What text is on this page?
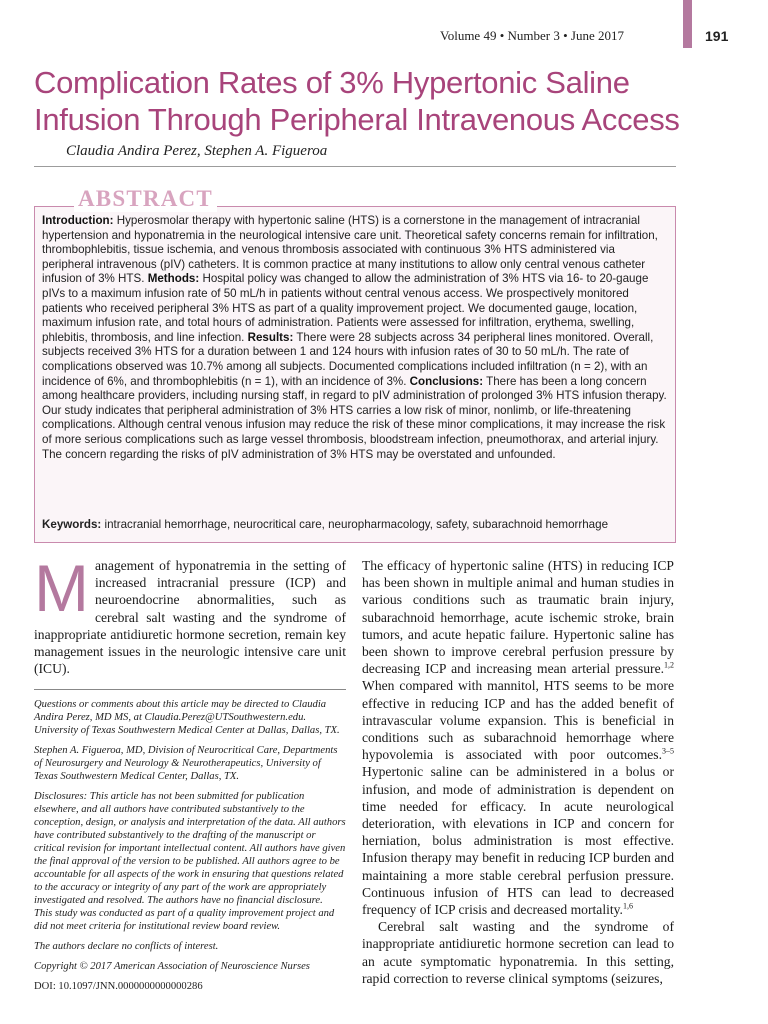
Volume 49 • Number 3 • June 2017	191
Complication Rates of 3% Hypertonic Saline
Infusion Through Peripheral Intravenous Access
Claudia Andira Perez, Stephen A. Figueroa
ABSTRACT
Introduction: Hyperosmolar therapy with hypertonic saline (HTS) is a cornerstone in the management of intracranial hypertension and hyponatremia in the neurological intensive care unit. Theoretical safety concerns remain for infiltration, thrombophlebitis, tissue ischemia, and venous thrombosis associated with continuous 3% HTS administered via peripheral intravenous (pIV) catheters. It is common practice at many institutions to allow only central venous catheter infusion of 3% HTS. Methods: Hospital policy was changed to allow the administration of 3% HTS via 16- to 20-gauge pIVs to a maximum infusion rate of 50 mL/h in patients without central venous access. We prospectively monitored patients who received peripheral 3% HTS as part of a quality improvement project. We documented gauge, location, maximum infusion rate, and total hours of administration. Patients were assessed for infiltration, erythema, swelling, phlebitis, thrombosis, and line infection. Results: There were 28 subjects across 34 peripheral lines monitored. Overall, subjects received 3% HTS for a duration between 1 and 124 hours with infusion rates of 30 to 50 mL/h. The rate of complications observed was 10.7% among all subjects. Documented complications included infiltration (n = 2), with an incidence of 6%, and thrombophlebitis (n = 1), with an incidence of 3%. Conclusions: There has been a long concern among healthcare providers, including nursing staff, in regard to pIV administration of prolonged 3% HTS infusion therapy. Our study indicates that peripheral administration of 3% HTS carries a low risk of minor, nonlimb, or life-threatening complications. Although central venous infusion may reduce the risk of these minor complications, it may increase the risk of more serious complications such as large vessel thrombosis, bloodstream infection, pneumothorax, and arterial injury. The concern regarding the risks of pIV administration of 3% HTS may be overstated and unfounded.
Keywords: intracranial hemorrhage, neurocritical care, neuropharmacology, safety, subarachnoid hemorrhage

Management of hyponatremia in the setting of increased intracranial pressure (ICP) and neuroendocrine abnormalities, such as cerebral salt wasting and the syndrome of inappropriate antidiuretic hormone secretion, remain key management issues in the neurologic intensive care unit (ICU).

Questions or comments about this article may be directed to Claudia Andira Perez, MD MS, at Claudia.Perez@UTSouthwestern.edu. University of Texas Southwestern Medical Center at Dallas, Dallas, TX.

Stephen A. Figueroa, MD, Division of Neurocritical Care, Departments of Neurosurgery and Neurology & Neurotherapeutics, University of Texas Southwestern Medical Center, Dallas, TX.

Disclosures: This article has not been submitted for publication elsewhere, and all authors have contributed substantively to the conception, design, or analysis and interpretation of the data. All authors have contributed substantively to the drafting of the manuscript or critical revision for important intellectual content. All authors have given the final approval of the version to be published. All authors agree to be accountable for all aspects of the work in ensuring that questions related to the accuracy or integrity of any part of the work are appropriately investigated and resolved. The authors have no financial disclosure.

This study was conducted as part of a quality improvement project and did not meet criteria for institutional review board review.

The authors declare no conflicts of interest.

Copyright © 2017 American Association of Neuroscience Nurses

DOI: 10.1097/JNN.0000000000000286

The efficacy of hypertonic saline (HTS) in reducing ICP has been shown in multiple animal and human studies in various conditions such as traumatic brain injury, subarachnoid hemorrhage, acute ischemic stroke, brain tumors, and acute hepatic failure. Hypertonic saline has been shown to improve cerebral perfusion pressure by decreasing ICP and increasing mean arterial pressure.$^{1,2}$ When compared with mannitol, HTS seems to be more effective in reducing ICP and has the added benefit of intravascular volume expansion. This is beneficial in conditions such as subarachnoid hemorrhage where hypovolemia is associated with poor outcomes.$^{3-5}$ Hypertonic saline can be administered in a bolus or infusion, and mode of administration is dependent on time needed for efficacy. In acute neurological deterioration, with elevations in ICP and concern for herniation, bolus administration is most effective. Infusion therapy may benefit in reducing ICP burden and maintaining a more stable cerebral perfusion pressure. Continuous infusion of HTS can lead to decreased frequency of ICP crisis and decreased mortality.$^{1,6}$

Cerebral salt wasting and the syndrome of inappropriate antidiuretic hormone secretion can lead to an acute symptomatic hyponatremia. In this setting, rapid correction to reverse clinical symptoms (seizures,
